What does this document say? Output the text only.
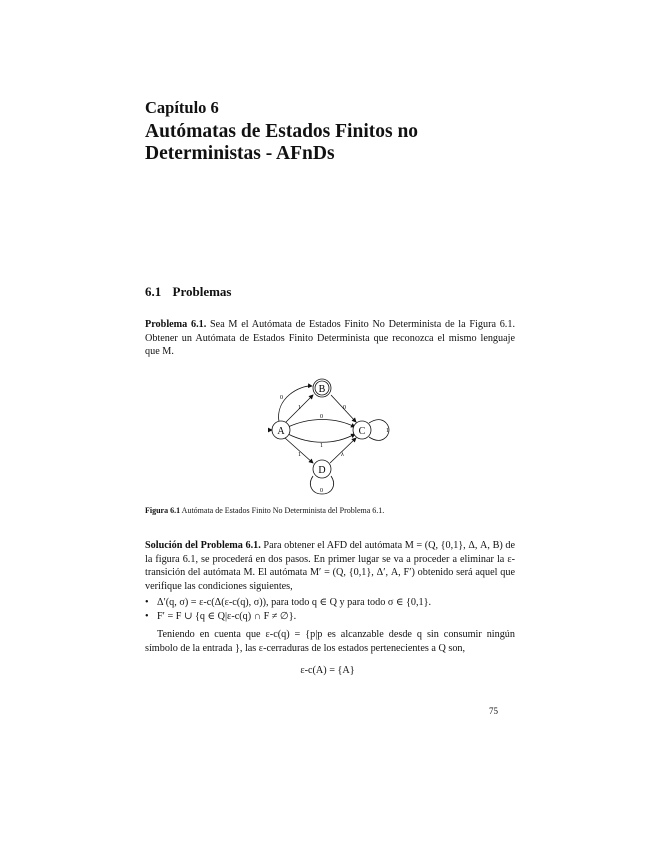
Capítulo 6
Autómatas de Estados Finitos no Deterministas - AFnDs
6.1 Problemas
Problema 6.1. Sea M el Autómata de Estados Finito No Determinista de la Figura 6.1. Obtener un Autómata de Estados Finito Determinista que reconozca el mismo lenguaje que M.
B
A	C
D
0
1	0
0
1
1
1	λ
0
Figura 6.1 Autómata de Estados Finito No Determinista del Problema 6.1.
Solución del Problema 6.1. Para obtener el AFD del autómata M = (Q, {0,1}, Δ, A, B) de la figura 6.1, se procederá en dos pasos. En primer lugar se va a proceder a eliminar la ε-transición del autómata M. El autómata M′ = (Q, {0,1}, Δ′, A, F′) obtenido será aquel que verifique las condiciones siguientes,
• Δ′(q, σ) = ε-c(Δ(ε-c(q), σ)), para todo q ∈ Q y para todo σ ∈ {0,1}.
• F′ = F ∪ {q ∈ Q|ε-c(q) ∩ F ≠ ∅}.
Teniendo en cuenta que ε-c(q) = {p|p es alcanzable desde q sin consumir ningún símbolo de la entrada }, las ε-cerraduras de los estados pertenecientes a Q son,
ε-c(A) = {A}
75
